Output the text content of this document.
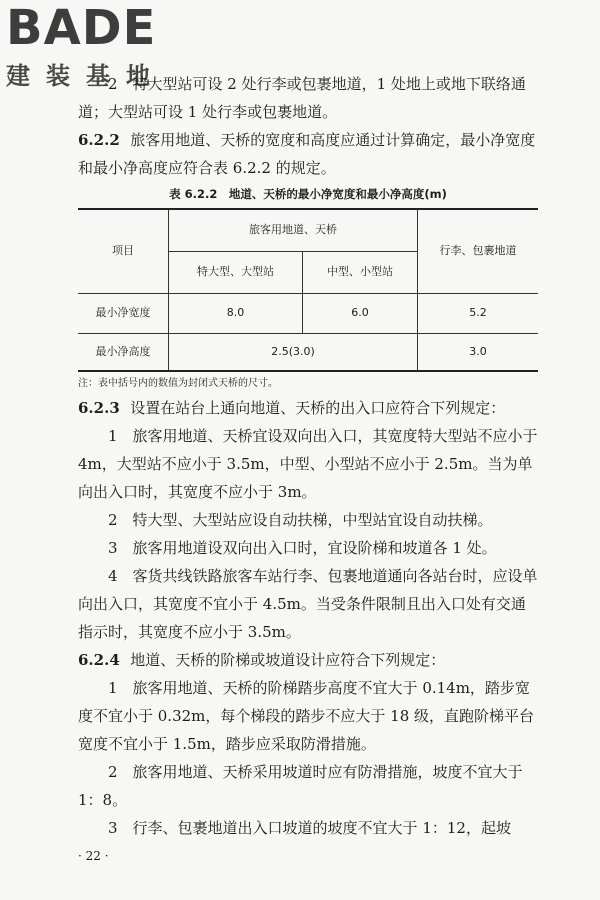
BADE
建装基地

2　特大型站可设 2 处行李或包裹地道，1 处地上或地下联络通道；大型站可设 1 处行李或包裹地道。

6.2.2 旅客用地道、天桥的宽度和高度应通过计算确定，最小净宽度和最小净高度应符合表 6.2.2 的规定。

表 6.2.2　地道、天桥的最小净宽度和最小净高度(m)
项目	旅客用地道、天桥		行李、包裹地道
	特大型、大型站	中型、小型站	
最小净宽度	8.0	6.0	5.2
最小净高度	2.5(3.0)		3.0
注：表中括号内的数值为封闭式天桥的尺寸。

6.2.3 设置在站台上通向地道、天桥的出入口应符合下列规定：

1　旅客用地道、天桥宜设双向出入口，其宽度特大型站不应小于 4m，大型站不应小于 3.5m，中型、小型站不应小于 2.5m。当为单向出入口时，其宽度不应小于 3m。

2　特大型、大型站应设自动扶梯，中型站宜设自动扶梯。

3　旅客用地道设双向出入口时，宜设阶梯和坡道各 1 处。

4　客货共线铁路旅客车站行李、包裹地道通向各站台时，应设单向出入口，其宽度不宜小于 4.5m。当受条件限制且出入口处有交通指示时，其宽度不应小于 3.5m。

6.2.4 地道、天桥的阶梯或坡道设计应符合下列规定：

1　旅客用地道、天桥的阶梯踏步高度不宜大于 0.14m，踏步宽度不宜小于 0.32m，每个梯段的踏步不应大于 18 级，直跑阶梯平台宽度不宜小于 1.5m，踏步应采取防滑措施。

2　旅客用地道、天桥采用坡道时应有防滑措施，坡度不宜大于 1：8。

3　行李、包裹地道出入口坡道的坡度不宜大于 1：12，起坡

· 22 ·
